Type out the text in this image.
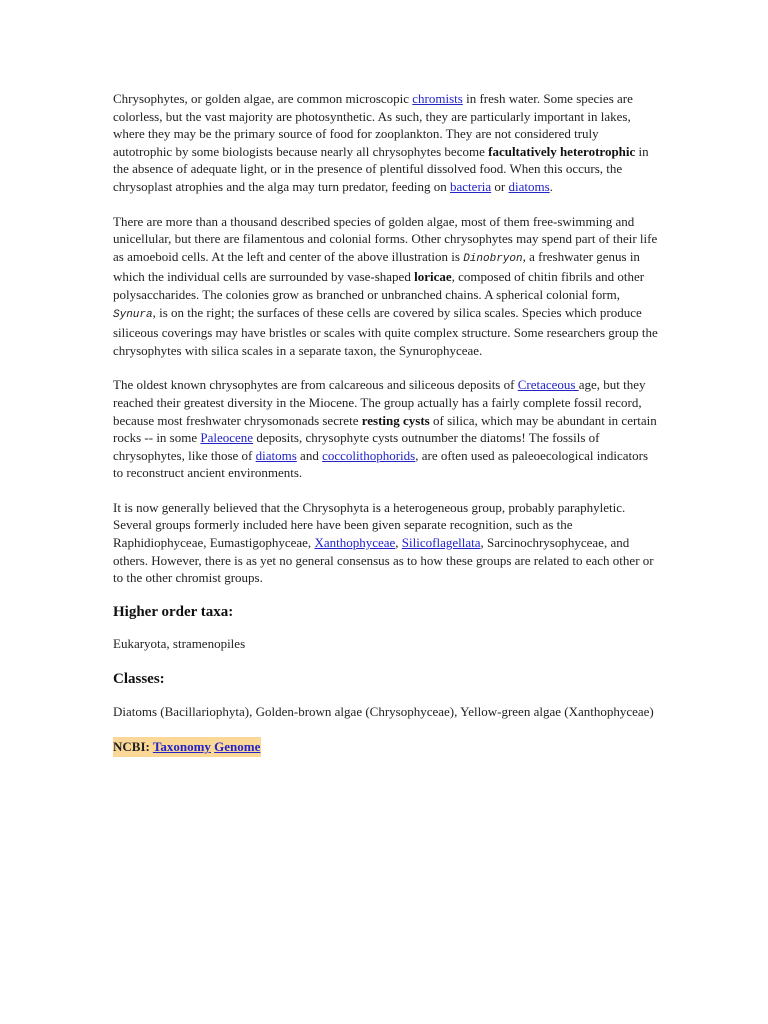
Chrysophytes, or golden algae, are common microscopic chromists in fresh water. Some species are colorless, but the vast majority are photosynthetic. As such, they are particularly important in lakes, where they may be the primary source of food for zooplankton. They are not considered truly autotrophic by some biologists because nearly all chrysophytes become facultatively heterotrophic in the absence of adequate light, or in the presence of plentiful dissolved food. When this occurs, the chrysoplast atrophies and the alga may turn predator, feeding on bacteria or diatoms.

There are more than a thousand described species of golden algae, most of them free-swimming and unicellular, but there are filamentous and colonial forms. Other chrysophytes may spend part of their life as amoeboid cells. At the left and center of the above illustration is Dinobryon, a freshwater genus in which the individual cells are surrounded by vase-shaped loricae, composed of chitin fibrils and other polysaccharides. The colonies grow as branched or unbranched chains. A spherical colonial form, Synura, is on the right; the surfaces of these cells are covered by silica scales. Species which produce siliceous coverings may have bristles or scales with quite complex structure. Some researchers group the chrysophytes with silica scales in a separate taxon, the Synurophyceae.

The oldest known chrysophytes are from calcareous and siliceous deposits of Cretaceous age, but they reached their greatest diversity in the Miocene. The group actually has a fairly complete fossil record, because most freshwater chrysomonads secrete resting cysts of silica, which may be abundant in certain rocks -- in some Paleocene deposits, chrysophyte cysts outnumber the diatoms! The fossils of chrysophytes, like those of diatoms and coccolithophorids, are often used as paleoecological indicators to reconstruct ancient environments.

It is now generally believed that the Chrysophyta is a heterogeneous group, probably paraphyletic. Several groups formerly included here have been given separate recognition, such as the Raphidiophyceae, Eumastigophyceae, Xanthophyceae, Silicoflagellata, Sarcinochrysophyceae, and others. However, there is as yet no general consensus as to how these groups are related to each other or to the other chromist groups.

Higher order taxa:

Eukaryota, stramenopiles

Classes:

Diatoms (Bacillariophyta), Golden-brown algae (Chrysophyceae), Yellow-green algae (Xanthophyceae)

NCBI: Taxonomy Genome
